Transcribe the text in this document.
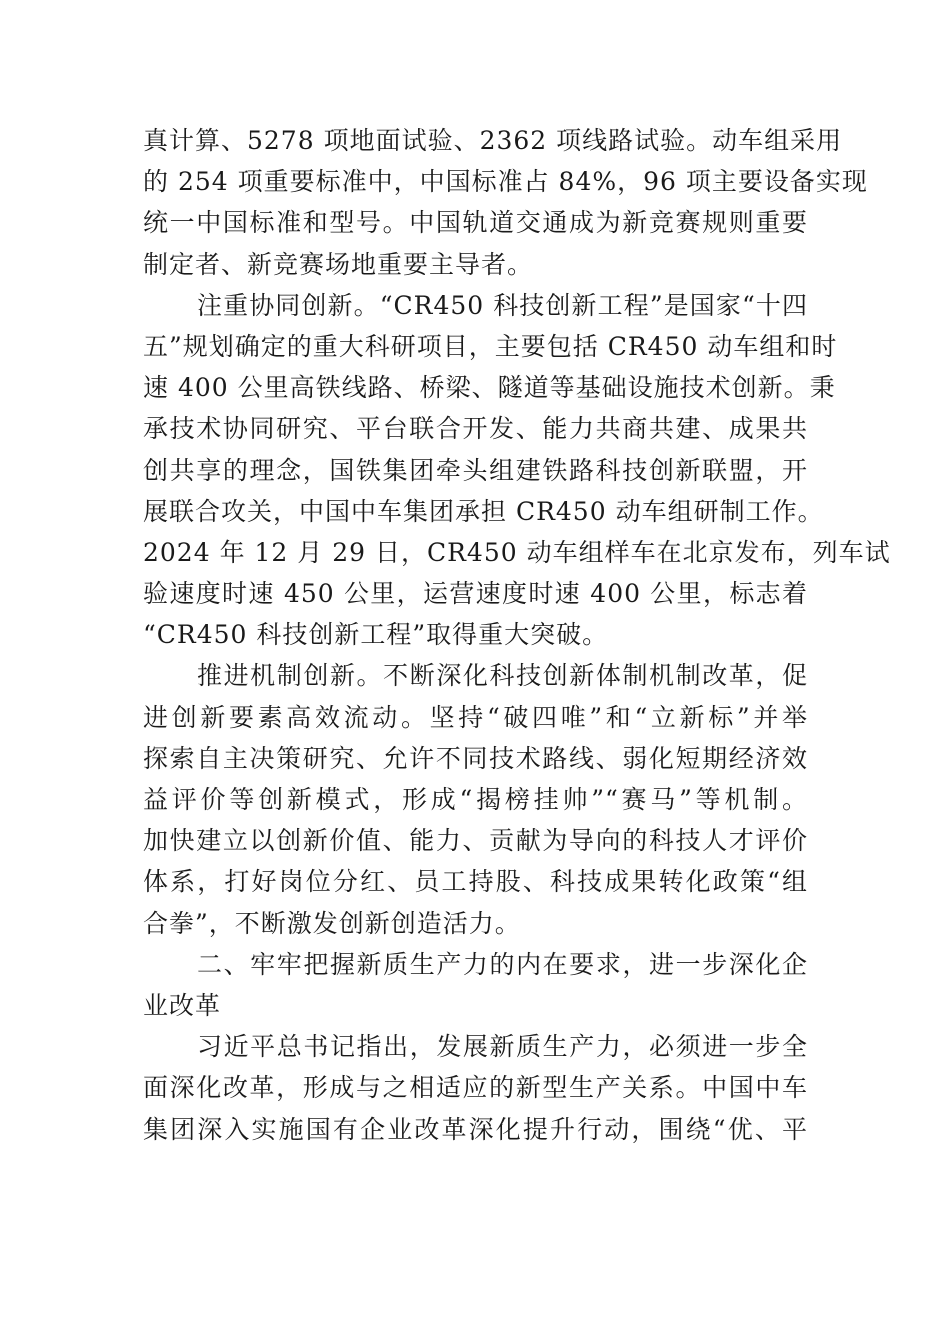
真计算、5278 项地面试验、2362 项线路试验。动车组采用
的 254 项重要标准中，中国标准占 84%，96 项主要设备实现
统一中国标准和型号。中国轨道交通成为新竞赛规则重要
制定者、新竞赛场地重要主导者。
注重协同创新。“CR450 科技创新工程”是国家“十四
五”规划确定的重大科研项目，主要包括 CR450 动车组和时
速 400 公里高铁线路、桥梁、隧道等基础设施技术创新。秉
承技术协同研究、平台联合开发、能力共商共建、成果共
创共享的理念，国铁集团牵头组建铁路科技创新联盟，开
展联合攻关，中国中车集团承担 CR450 动车组研制工作。
2024 年 12 月 29 日，CR450 动车组样车在北京发布，列车试
验速度时速 450 公里，运营速度时速 400 公里，标志着
“CR450 科技创新工程”取得重大突破。
推进机制创新。不断深化科技创新体制机制改革，促
进创新要素高效流动。坚持“破四唯”和“立新标”并举
探索自主决策研究、允许不同技术路线、弱化短期经济效
益评价等创新模式，形成“揭榜挂帅”“赛马”等机制。
加快建立以创新价值、能力、贡献为导向的科技人才评价
体系，打好岗位分红、员工持股、科技成果转化政策“组
合拳”，不断激发创新创造活力。
二、牢牢把握新质生产力的内在要求，进一步深化企
业改革
习近平总书记指出，发展新质生产力，必须进一步全
面深化改革，形成与之相适应的新型生产关系。中国中车
集团深入实施国有企业改革深化提升行动，围绕“优、平
